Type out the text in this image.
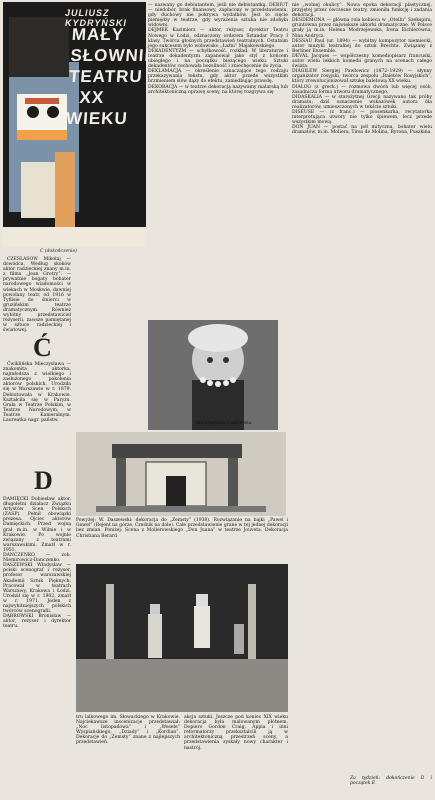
JULIUSZ KYDRYŃSKI
MAŁY
SŁOWNIK
TEATRU
XX
WIEKU
C (dokończenie)

CZESLASOW Mikołaj — dowódca. Według skoków aktor radzieckiej znany m.in. z filmu „Jean Grotry”. — prywatnie bogaty bohater narodowego wiadomości w wiekach w Moskwie, dawniej powołany teatr, od 1916 w Tyflisie do śmierci w gruzińskim teatrze dramatycznym. Również wybitny przedstawiciel reżyserii, zawsze pamiętanej w sztuce radzieckiej i światowej.

Ć

Ćwiklińska Mieczysława — znakomita aktorka, najmłodsza z wielkiego i zasłużonego pokolenia aktorów polskich. Urodziła się w Warszawie w r. 1879. Debiutowała w Krakowie. Kształciła się w Paryżu. Grała w Teatrze Polskim, w Teatrze Narodowym, w Teatrze Kameralnym. Laureatka nagr. państw.

D

DAMIĘCKI Dobiesław aktor, długoletni działacz Związku Artystów Scen Polskich (ZASP). Pełnił obowiązki prezesa. Ojciec aktorów Damięckich. Przed wojną grał m.in. w Wilnie i w Krakowie. Po wojnie związany z teatrami warszawskimi. Zmarł w r. 1951.

DANCZENKO — zob. Niemirowicz-Danczenko.

DASZEWSKI Władysław — polski scenograf i reżyser, profesor warszawskiej Akademii Sztuk Pięknych. Pracował w teatrach Warszawy, Krakowa i Łodzi. Urodził się w r. 1902, zmarł w r. 1971. Jeden z najwybitniejszych polskich twórców scenografii.

DĄBROWSKI Bronisław — aktor, reżyser i dyrektor teatru.

— nazwany go debiutantem, jeśli nie debiutantką. DEBIUT — niedobór, brak finansowy, zapłacony w przedstawieniu, gdy duchowy nie pokrywa wydatków. Jest to cięcie pieniędzy w teatrze, gdy wyrażenia sztuka nie zdobyła widowni.

DEJMEK Kazimierz — aktor, reżyser, dyrektor Teatru Nowego w Łodzi, odznaczony orderem Sztandar Pracy I klasy. Twórca głośnych przedstawień teatralnych. Ostatnim jego sukcesem było widowisko „Łaźni” Majakowskiego.

DEKADENTYZM — schyłkowość, rozkład. W literaturze i teatrze dekadentyzm zapanował jako styl z końcem ubiegłego i na początku bieżącego wieku. Sztuki dekadentów cechowała bezsilność i zniechęcenie do życia.

DEKLAMACJA — określenie oznaczające tego rodzaju przekazywania tekstu, gdy aktor przede wszystkim brzmieniem słów dąży do efektu, zaniedbując prawdę.

DEKORACJA — w teatrze dekoracją nazywamy malarską lub architektoniczną oprawę sceny, na której rozgrywa się

Mieczysława Ćwiklińska

nie „wolnej okulicy”. Nowa epoka dekoracji plastycznej, przyjętej przez ówczesne teatry, zmieniła funkcję i zadania dekoracji.

DESDEMONA — główna rola kobieca w „Otellu” Szekspira, gruntowna przez największe aktorki dramatyczne. W Polsce grały ją m.in. Helena Modrzejewska, Irena Eichlerówna, Nina Andrycz.

DESSAU Paul (ur. 1894) — wybitny kompozytor niemiecki, autor muzyki teatralnej do sztuk Brechta. Związany z Berliner Ensemble.

DEVAL Jacques — współczesny komediopisarz francuski, autor wielu lekkich komedii granych na scenach całego świata.

DIAGILEW Siergiej Pawłowicz (1872–1929) — słynny organizator rosyjski, twórca zespołu „Baletów Rosyjskich”, który zrewolucjonizował sztukę baletową XX wieku.

DIALOG (z greck.) — rozmowa dwóch lub więcej osób, zasadnicza forma utworu dramatycznego.

DIDASKALIA — w starożytnej Grecji nazywano tak próby dramatu; dziś oznaczenie wskazówek autora dla realizatorów, umieszczonych w tekście sztuki.

DISEUSE — (z franc.) — piosenkarka, recytatorka interpretująca utwory nie tylko śpiewem, lecz przede wszystkim mową.

DON JUAN — postać na pół mityczna, bohater wielu dramatów, m.in. Moliera, Tirsa de Molina, Byrona, Puszkina.

Za tydzień: dokończenie D i początek E
Powyżej: W. Daszewski: dekoracja do „Zemsty” (1938). Rozwiązanie na bajki „Pawel i Gawel” (Rejent na górze, Cześnik na dole). Całe przedstawienie grane w tej jednej dekoracji bez zmian. Poniżej: Scena z Mollerowskiego „Don Juana” w teatrze Jouveta. Dekoracja Christiana Berard

tru lalkowego im. Słowackiego w Krakowie. Najciekawsze inscenizacje przedstawiał: „Noc listopadowa” i „Wesele” Wyspiańskiego, „Dziady” i „Kordian”. Dekoracje do „Zemsty” znane z najlepszych przedstawień.

akcja sztuki. Jeszcze pod koniec XIX wieku dekoracja była malowanym płótnem. Dopiero Gordon Craig, Appia i inni reformatorzy przekształcili ją w architektoniczną przestrzeń sceny, a przedstawienia zyskały nowy charakter i nastrój.
